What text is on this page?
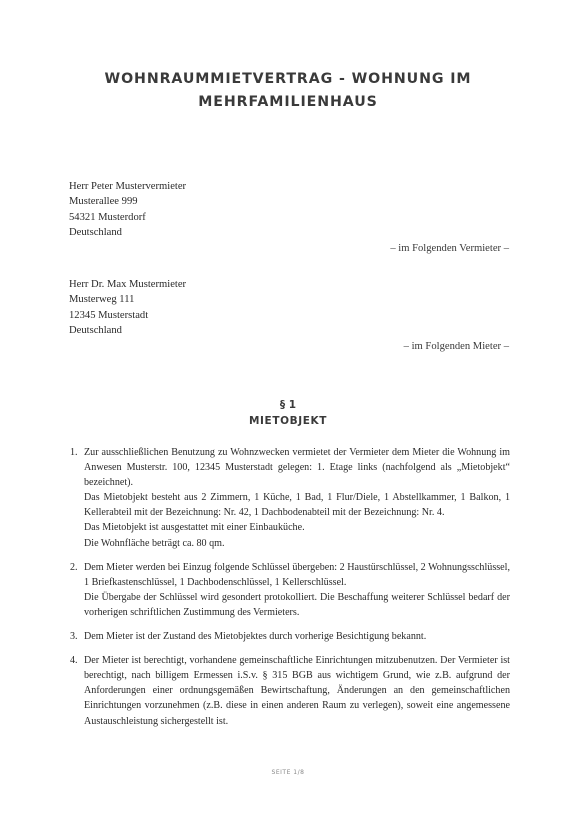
WOHNRAUMMIETVERTRAG - WOHNUNG IM
MEHRFAMILIENHAUS
Herr Peter Mustervermieter
Musterallee 999
54321 Musterdorf
Deutschland
– im Folgenden Vermieter –
Herr Dr. Max Mustermieter
Musterweg 111
12345 Musterstadt
Deutschland
– im Folgenden Mieter –
§ 1
MIETOBJEKT
1. Zur ausschließlichen Benutzung zu Wohnzwecken vermietet der Vermieter dem Mieter die Wohnung im Anwesen Musterstr. 100, 12345 Musterstadt gelegen: 1. Etage links (nachfolgend als „Mietobjekt“ bezeichnet).
Das Mietobjekt besteht aus 2 Zimmern, 1 Küche, 1 Bad, 1 Flur/Diele, 1 Abstellkammer, 1 Balkon, 1 Kellerabteil mit der Bezeichnung: Nr. 42, 1 Dachbodenabteil mit der Bezeichnung: Nr. 4.
Das Mietobjekt ist ausgestattet mit einer Einbauküche.
Die Wohnfläche beträgt ca. 80 qm.
2. Dem Mieter werden bei Einzug folgende Schlüssel übergeben: 2 Haustürschlüssel, 2 Wohnungsschlüssel, 1 Briefkastenschlüssel, 1 Dachbodenschlüssel, 1 Kellerschlüssel.
Die Übergabe der Schlüssel wird gesondert protokolliert. Die Beschaffung weiterer Schlüssel bedarf der vorherigen schriftlichen Zustimmung des Vermieters.
3. Dem Mieter ist der Zustand des Mietobjektes durch vorherige Besichtigung bekannt.
4. Der Mieter ist berechtigt, vorhandene gemeinschaftliche Einrichtungen mitzubenutzen. Der Vermieter ist berechtigt, nach billigem Ermessen i.S.v. § 315 BGB aus wichtigem Grund, wie z.B. aufgrund der Anforderungen einer ordnungsgemäßen Bewirtschaftung, Änderungen an den gemeinschaftlichen Einrichtungen vorzunehmen (z.B. diese in einen anderen Raum zu verlegen), soweit eine angemessene Austauschleistung sichergestellt ist.
SEITE 1/8
